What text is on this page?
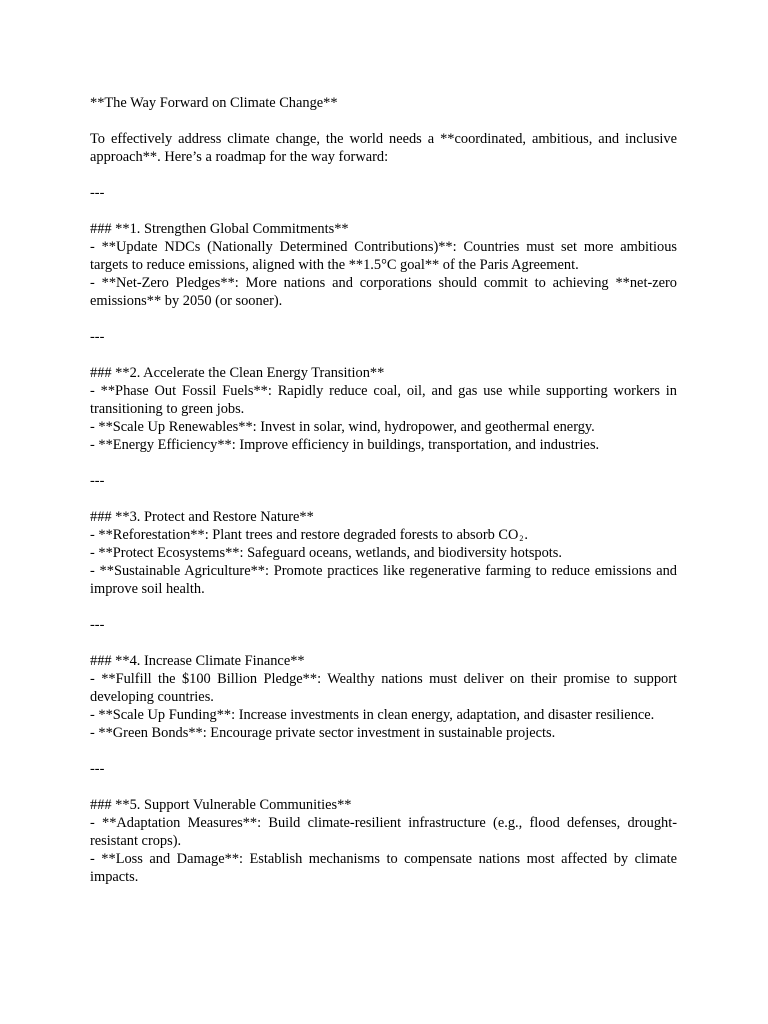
**The Way Forward on Climate Change**

To effectively address climate change, the world needs a **coordinated, ambitious, and inclusive approach**. Here’s a roadmap for the way forward:

---

### **1. Strengthen Global Commitments**

- **Update NDCs (Nationally Determined Contributions)**: Countries must set more ambitious targets to reduce emissions, aligned with the **1.5°C goal** of the Paris Agreement.

- **Net-Zero Pledges**: More nations and corporations should commit to achieving **net-zero emissions** by 2050 (or sooner).

---

### **2. Accelerate the Clean Energy Transition**

- **Phase Out Fossil Fuels**: Rapidly reduce coal, oil, and gas use while supporting workers in transitioning to green jobs.

- **Scale Up Renewables**: Invest in solar, wind, hydropower, and geothermal energy.

- **Energy Efficiency**: Improve efficiency in buildings, transportation, and industries.

---

### **3. Protect and Restore Nature**

- **Reforestation**: Plant trees and restore degraded forests to absorb $CO_2$.

- **Protect Ecosystems**: Safeguard oceans, wetlands, and biodiversity hotspots.

- **Sustainable Agriculture**: Promote practices like regenerative farming to reduce emissions and improve soil health.

---

### **4. Increase Climate Finance**

- **Fulfill the $100 Billion Pledge**: Wealthy nations must deliver on their promise to support developing countries.

- **Scale Up Funding**: Increase investments in clean energy, adaptation, and disaster resilience.

- **Green Bonds**: Encourage private sector investment in sustainable projects.

---

### **5. Support Vulnerable Communities**

- **Adaptation Measures**: Build climate-resilient infrastructure (e.g., flood defenses, drought-resistant crops).

- **Loss and Damage**: Establish mechanisms to compensate nations most affected by climate impacts.
